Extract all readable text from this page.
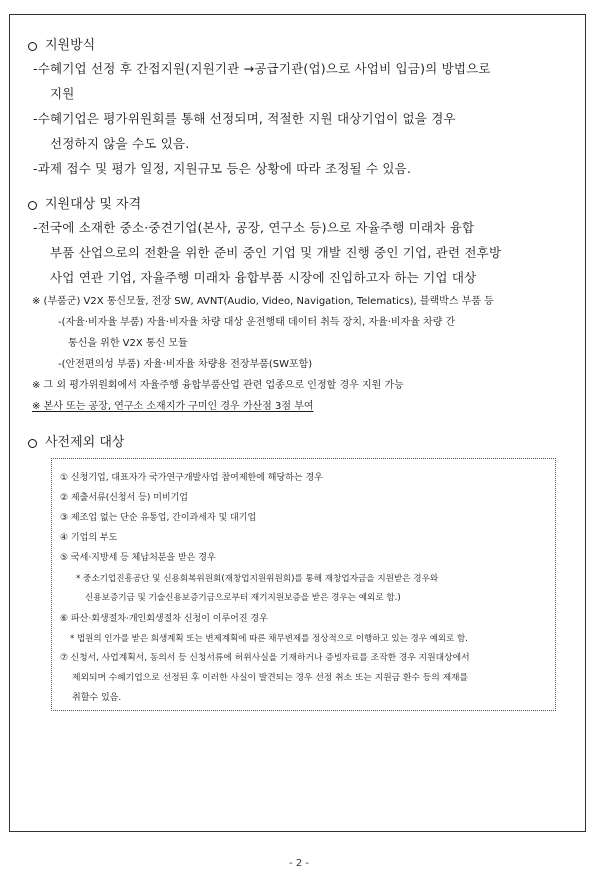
지원방식
-수혜기업 선정 후 간접지원(지원기관 →공급기관(업)으로 사업비 입금)의 방법으로
지원
-수혜기업은 평가위원회를 통해 선정되며, 적절한 지원 대상기업이 없을 경우
선정하지 않을 수도 있음.
-과제 접수 및 평가 일정, 지원규모 등은 상황에 따라 조정될 수 있음.
지원대상 및 자격
-전국에 소재한 중소·중견기업(본사, 공장, 연구소 등)으로 자율주행 미래차 융합
부품 산업으로의 전환을 위한 준비 중인 기업 및 개발 진행 중인 기업, 관련 전후방
사업 연관 기업, 자율주행 미래차 융합부품 시장에 진입하고자 하는 기업 대상
※ (부품군) V2X 통신모듈, 전장 SW, AVNT(Audio, Video, Navigation, Telematics), 블랙박스 부품 등
-(자율·비자율 부품) 자율·비자율 차량 대상 운전행태 데이터 취득 장치, 자율·비자율 차량 간
통신을 위한 V2X 통신 모듈
-(안전편의성 부품) 자율·비자율 차량용 전장부품(SW포함)
※ 그 외 평가위원회에서 자율주행 융합부품산업 관련 업종으로 인정할 경우 지원 가능
※ 본사 또는 공장, 연구소 소재지가 구미인 경우 가산점 3점 부여
사전제외 대상
① 신청기업, 대표자가 국가연구개발사업 참여제한에 해당하는 경우
② 제출서류(신청서 등) 미비기업
③ 제조업 없는 단순 유통업, 간이과세자 및 대기업
④ 기업의 부도
⑤ 국세·지방세 등 체납처분을 받은 경우
* 중소기업진흥공단 및 신용회복위원회(재창업지원위원회)를 통해 재창업자금을 지원받은 경우와
신용보증기금 및 기술신용보증기금으로부터 재기지원보증을 받은 경우는 예외로 함.)
⑥ 파산·회생절차·개인회생절차 신청이 이루어진 경우
* 법원의 인가를 받은 회생계획 또는 변제계획에 따른 채무변제를 정상적으로 이행하고 있는 경우 예외로 함.
⑦ 신청서, 사업계획서, 동의서 등 신청서류에 허위사실을 기재하거나 증빙자료를 조작한 경우 지원대상에서
제외되며 수혜기업으로 선정된 후 이러한 사실이 발견되는 경우 선정 취소 또는 지원금 환수 등의 제재를
취할수 있음.
- 2 -
